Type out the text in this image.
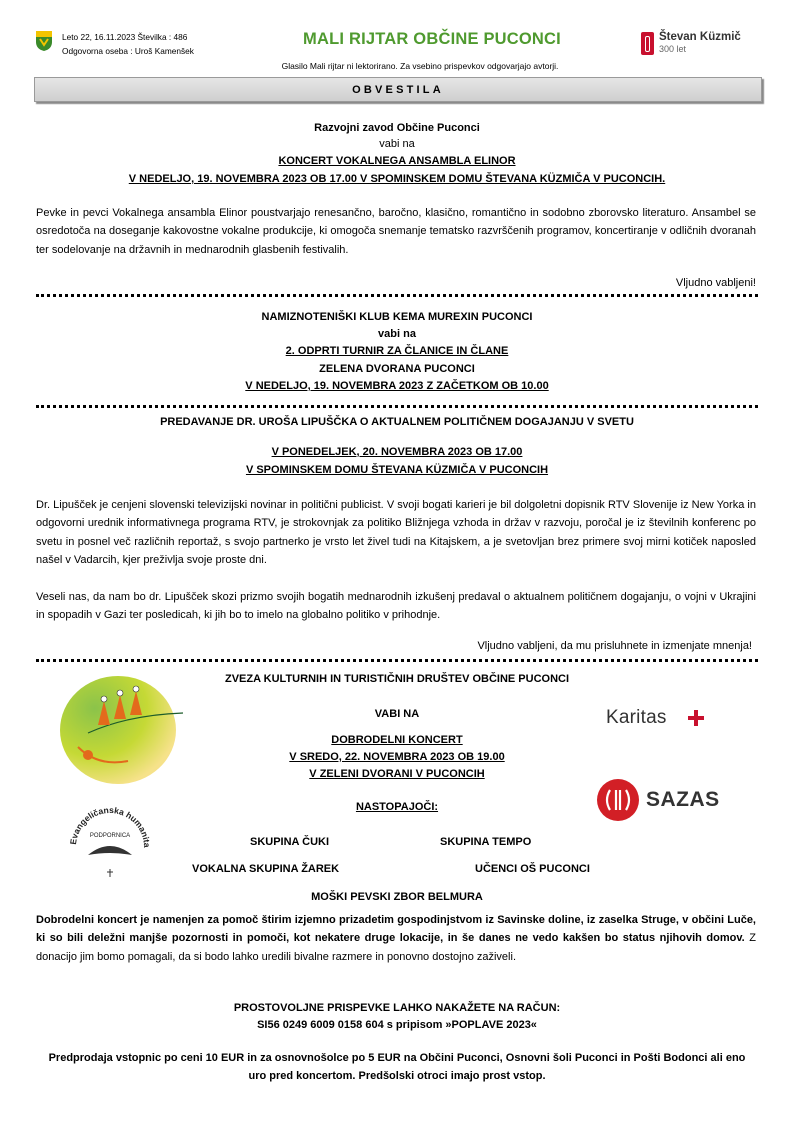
Leto 22, 16.11.2023 Številka : 486
Odgovorna oseba : Uroš Kamenšek
MALI RIJTAR OBČINE PUCONCI	Števan Küzmič
300 let
Glasilo Mali rijtar ni lektorirano. Za vsebino prispevkov odgovarjajo avtorji.
OBVESTILA
Razvojni zavod Občine Puconci
vabi na
KONCERT VOKALNEGA ANSAMBLA ELINOR
V NEDELJO, 19. NOVEMBRA 2023 OB 17.00 V SPOMINSKEM DOMU ŠTEVANA KÜZMIČA V PUCONCIH.
Pevke in pevci Vokalnega ansambla Elinor poustvarjajo renesančno, baročno, klasično, romantično in sodobno zborovsko literaturo. Ansambel se osredotoča na doseganje kakovostne vokalne produkcije, ki omogoča snemanje tematsko razvrščenih programov, koncertiranje v odličnih dvoranah ter sodelovanje na državnih in mednarodnih glasbenih festivalih.
Vljudno vabljeni!
NAMIZNOTENIŠKI KLUB KEMA MUREXIN PUCONCI
vabi na
2. ODPRTI TURNIR ZA ČLANICE IN ČLANE
ZELENA DVORANA PUCONCI
V NEDELJO, 19. NOVEMBRA 2023 Z ZAČETKOM OB 10.00
PREDAVANJE DR. UROŠA LIPUŠČKA O AKTUALNEM POLITIČNEM DOGAJANJU V SVETU
V PONEDELJEK, 20. NOVEMBRA 2023 OB 17.00
V SPOMINSKEM DOMU ŠTEVANA KÜZMIČA V PUCONCIH
Dr. Lipušček je cenjeni slovenski televizijski novinar in politični publicist. V svoji bogati karieri je bil dolgoletni dopisnik RTV Slovenije iz New Yorka in odgovorni urednik informativnega programa RTV, je strokovnjak za politiko Bližnjega vzhoda in držav v razvoju, poročal je iz številnih konferenc po svetu in posnel več različnih reportaž, s svojo partnerko je vrsto let živel tudi na Kitajskem, a je svetovljan brez primere svoj mirni kotiček naposled našel v Vadarcih, kjer preživlja svoje proste dni.
Veseli nas, da nam bo dr. Lipušček skozi prizmo svojih bogatih mednarodnih izkušenj predaval o aktualnem političnem dogajanju, o vojni v Ukrajini in spopadih v Gazi ter posledicah, ki jih bo to imelo na globalno politiko v prihodnje.
Vljudno vabljeni, da mu prisluhnete in izmenjate mnenja!
Evangeličanska humanita
PODPORNICA
Karitas
SAZAS
ZVEZA KULTURNIH IN TURISTIČNIH DRUŠTEV OBČINE PUCONCI
VABI NA
DOBRODELNI KONCERT
V SREDO, 22. NOVEMBRA 2023 OB 19.00
V ZELENI DVORANI V PUCONCIH
NASTOPAJOČI:
SKUPINA ČUKI	SKUPINA TEMPO
VOKALNA SKUPINA ŽAREK	UČENCI OŠ PUCONCI
MOŠKI PEVSKI ZBOR BELMURA
Dobrodelni koncert je namenjen za pomoč štirim izjemno prizadetim gospodinjstvom iz Savinske doline, iz zaselka Struge, v občini Luče, ki so bili deležni manjše pozornosti in pomoči, kot nekatere druge lokacije, in še danes ne vedo kakšen bo status njihovih domov. Z donacijo jim bomo pomagali, da si bodo lahko uredili bivalne razmere in ponovno dostojno zaživeli.
PROSTOVOLJNE PRISPEVKE LAHKO NAKAŽETE NA RAČUN:
SI56 0249 6009 0158 604 s pripisom »POPLAVE 2023«
Predprodaja vstopnic po ceni 10 EUR in za osnovnošolce po 5 EUR na Občini Puconci, Osnovni šoli Puconci in Pošti Bodonci ali eno uro pred koncertom. Predšolski otroci imajo prost vstop.
